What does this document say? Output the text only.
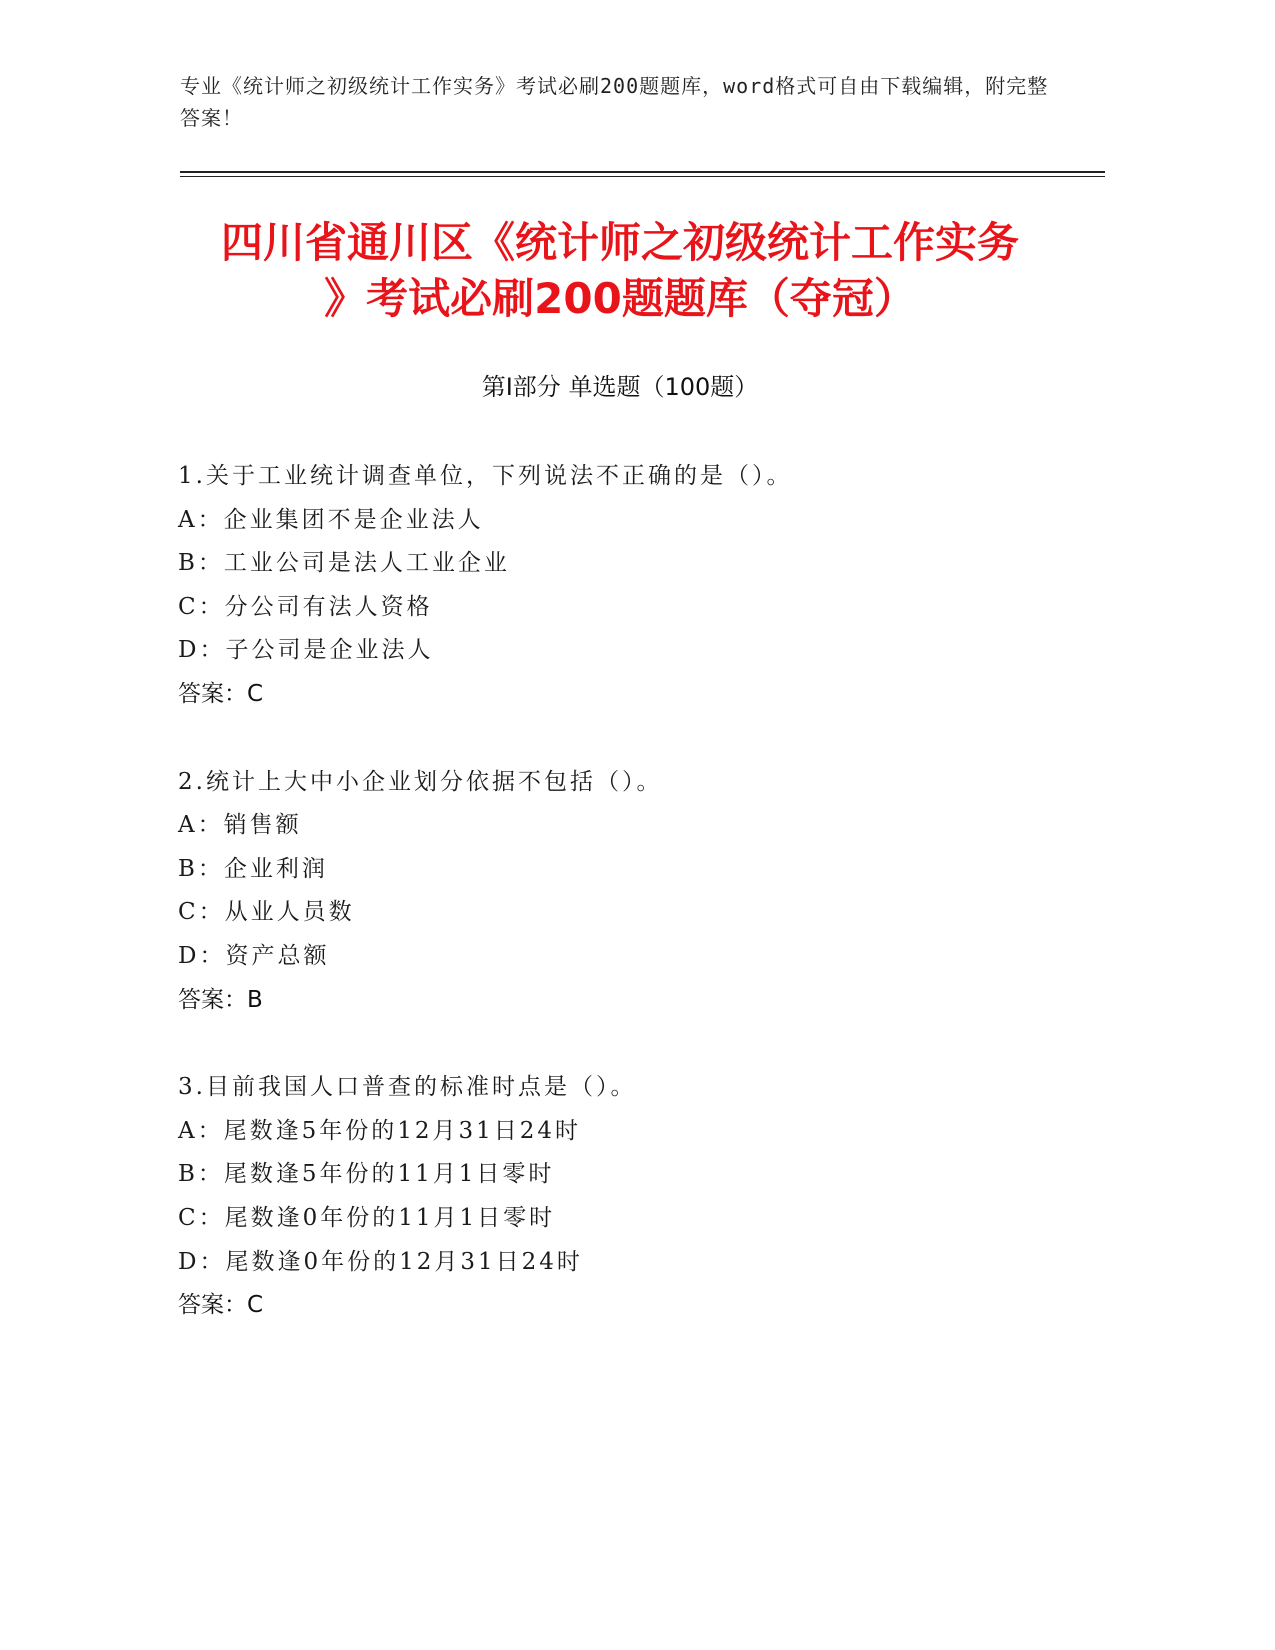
专业《统计师之初级统计工作实务》考试必刷200题题库，word格式可自由下载编辑，附完整答案！
四川省通川区《统计师之初级统计工作实务
》考试必刷200题题库（夺冠）
第Ⅰ部分 单选题（100题）
1.关于工业统计调查单位，下列说法不正确的是（）。
A：企业集团不是企业法人
B：工业公司是法人工业企业
C：分公司有法人资格
D：子公司是企业法人
答案：C
2.统计上大中小企业划分依据不包括（）。
A：销售额
B：企业利润
C：从业人员数
D：资产总额
答案：B
3.目前我国人口普查的标准时点是（）。
A：尾数逢5年份的12月31日24时
B：尾数逢5年份的11月1日零时
C：尾数逢0年份的11月1日零时
D：尾数逢0年份的12月31日24时
答案：C
